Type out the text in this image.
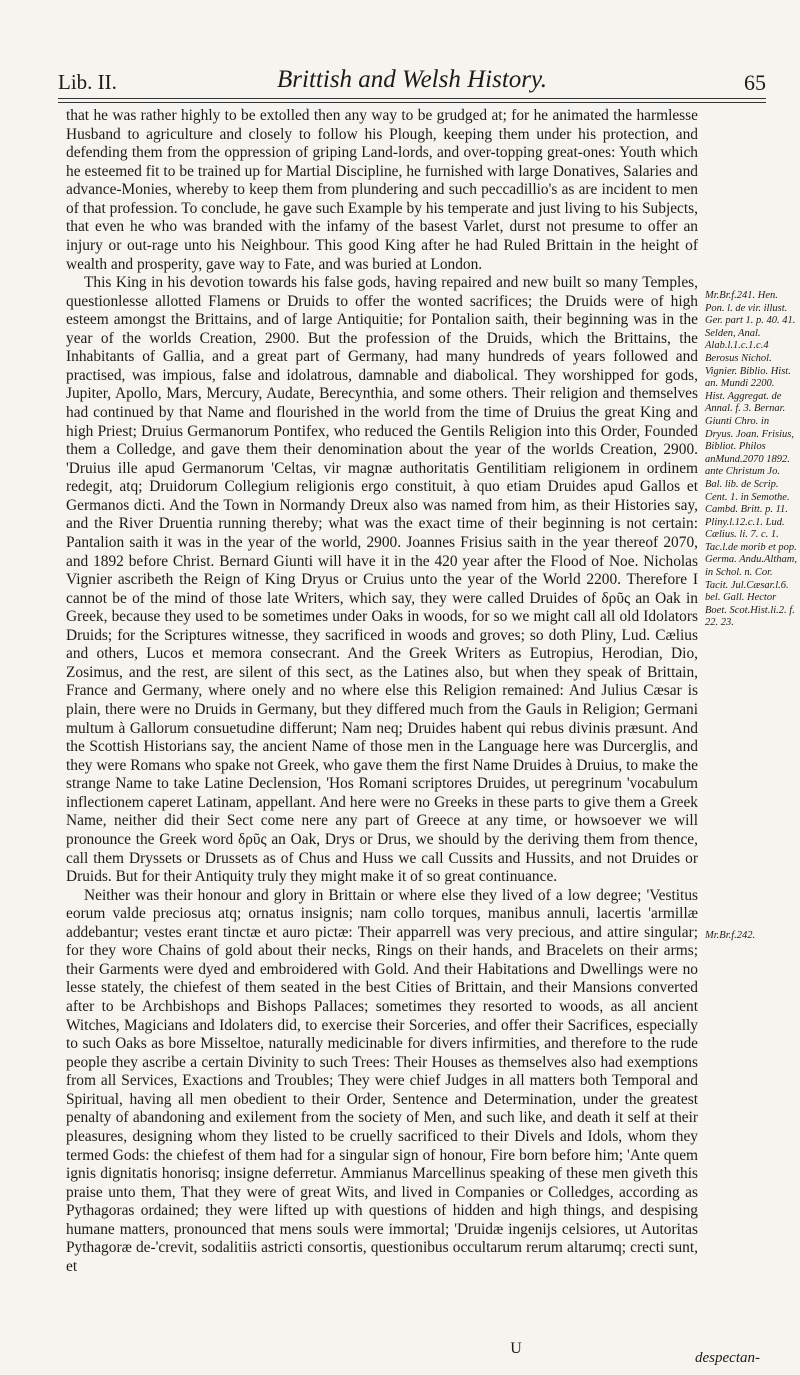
Lib. II.	Brittish and Welsh History.	65

that he was rather highly to be extolled then any way to be grudged at; for he animated the harmlesse Husband to agriculture and closely to follow his Plough, keeping them under his protection, and defending them from the oppression of griping Land-lords, and over-topping great-ones: Youth which he esteemed fit to be trained up for Martial Discipline, he furnished with large Donatives, Salaries and advance-Monies, whereby to keep them from plundering and such peccadillio's as are incident to men of that profession. To conclude, he gave such Example by his temperate and just living to his Subjects, that even he who was branded with the infamy of the basest Varlet, durst not presume to offer an injury or out-rage unto his Neighbour. This good King after he had Ruled Brittain in the height of wealth and prosperity, gave way to Fate, and was buried at London.

This King in his devotion towards his false gods, having repaired and new built so many Temples, questionlesse allotted Flamens or Druids to offer the wonted sacrifices; the Druids were of high esteem amongst the Brittains, and of large Antiquitie; for Pontalion saith, their beginning was in the year of the worlds Creation, 2900. But the profession of the Druids, which the Brittains, the Inhabitants of Gallia, and a great part of Germany, had many hundreds of years followed and practised, was impious, false and idolatrous, damnable and diabolical. They worshipped for gods, Jupiter, Apollo, Mars, Mercury, Audate, Berecynthia, and some others. Their religion and themselves had continued by that Name and flourished in the world from the time of Druius the great King and high Priest; Druius Germanorum Pontifex, who reduced the Gentils Religion into this Order, Founded them a Colledge, and gave them their denomination about the year of the worlds Creation, 2900. 'Druius ille apud Germanorum 'Celtas, vir magnæ authoritatis Gentilitiam religionem in ordinem redegit, atq; Druidorum Collegium religionis ergo constituit, à quo etiam Druides apud Gallos et Germanos dicti. And the Town in Normandy Dreux also was named from him, as their Histories say, and the River Druentia running thereby; what was the exact time of their beginning is not certain: Pantalion saith it was in the year of the world, 2900. Joannes Frisius saith in the year thereof 2070, and 1892 before Christ. Bernard Giunti will have it in the 420 year after the Flood of Noe. Nicholas Vignier ascribeth the Reign of King Dryus or Cruius unto the year of the World 2200. Therefore I cannot be of the mind of those late Writers, which say, they were called Druides of δρῦς an Oak in Greek, because they used to be sometimes under Oaks in woods, for so we might call all old Idolators Druids; for the Scriptures witnesse, they sacrificed in woods and groves; so doth Pliny, Lud. Cælius and others, Lucos et memora consecrant. And the Greek Writers as Eutropius, Herodian, Dio, Zosimus, and the rest, are silent of this sect, as the Latines also, but when they speak of Brittain, France and Germany, where onely and no where else this Religion remained: And Julius Cæsar is plain, there were no Druids in Germany, but they differed much from the Gauls in Religion; Germani multum à Gallorum consuetudine differunt; Nam neq; Druides habent qui rebus divinis præsunt. And the Scottish Historians say, the ancient Name of those men in the Language here was Durcerglis, and they were Romans who spake not Greek, who gave them the first Name Druides à Druius, to make the strange Name to take Latine Declension, 'Hos Romani scriptores Druides, ut peregrinum 'vocabulum inflectionem caperet Latinam, appellant. And here were no Greeks in these parts to give them a Greek Name, neither did their Sect come nere any part of Greece at any time, or howsoever we will pronounce the Greek word δρῦς an Oak, Drys or Drus, we should by the deriving them from thence, call them Dryssets or Drussets as of Chus and Huss we call Cussits and Hussits, and not Druides or Druids. But for their Antiquity truly they might make it of so great continuance.

Neither was their honour and glory in Brittain or where else they lived of a low degree; 'Vestitus eorum valde preciosus atq; ornatus insignis; nam collo torques, manibus annuli, lacertis 'armillæ addebantur; vestes erant tinctæ et auro pictæ: Their apparrell was very precious, and attire singular; for they wore Chains of gold about their necks, Rings on their hands, and Bracelets on their arms; their Garments were dyed and embroidered with Gold. And their Habitations and Dwellings were no lesse stately, the chiefest of them seated in the best Cities of Brittain, and their Mansions converted after to be Archbishops and Bishops Pallaces; sometimes they resorted to woods, as all ancient Witches, Magicians and Idolaters did, to exercise their Sorceries, and offer their Sacrifices, especially to such Oaks as bore Misseltoe, naturally medicinable for divers infirmities, and therefore to the rude people they ascribe a certain Divinity to such Trees: Their Houses as themselves also had exemptions from all Services, Exactions and Troubles; They were chief Judges in all matters both Temporal and Spiritual, having all men obedient to their Order, Sentence and Determination, under the greatest penalty of abandoning and exilement from the society of Men, and such like, and death it self at their pleasures, designing whom they listed to be cruelly sacrificed to their Divels and Idols, whom they termed Gods: the chiefest of them had for a singular sign of honour, Fire born before him; 'Ante quem ignis dignitatis honorisq; insigne deferretur. Ammianus Marcellinus speaking of these men giveth this praise unto them, That they were of great Wits, and lived in Companies or Colledges, according as Pythagoras ordained; they were lifted up with questions of hidden and high things, and despising humane matters, pronounced that mens souls were immortal; 'Druidæ ingenijs celsiores, ut Autoritas Pythagoræ de-'crevit, sodalitiis astricti consortis, questionibus occultarum rerum altarumq; crecti sunt, et

Mr.Br.f.241. Hen. Pon. l. de vir. illust. Ger. part 1. p. 40. 41. Selden, Anal. Alab.l.1.c.1.c.4 Berosus Nichol. Vignier. Biblio. Hist. an. Mundi 2200. Hist. Aggregat. de Annal. f. 3. Bernar. Giunti Chro. in Dryus. Joan. Frisius, Bibliot. Philos anMund.2070 1892. ante Christum Jo. Bal. lib. de Scrip. Cent. 1. in Semothe. Cambd. Britt. p. 11. Pliny.l.12.c.1. Lud. Cælius. li. 7. c. 1. Tac.l.de morib et pop. Germa. Andu.Altham, in Schol. n. Cor. Tacit. Jul.Cæsar.l.6. bel. Gall. Hector Boet. Scot.Hist.li.2. f. 22. 23.

Mr.Br.f.242.

U
despectan-
